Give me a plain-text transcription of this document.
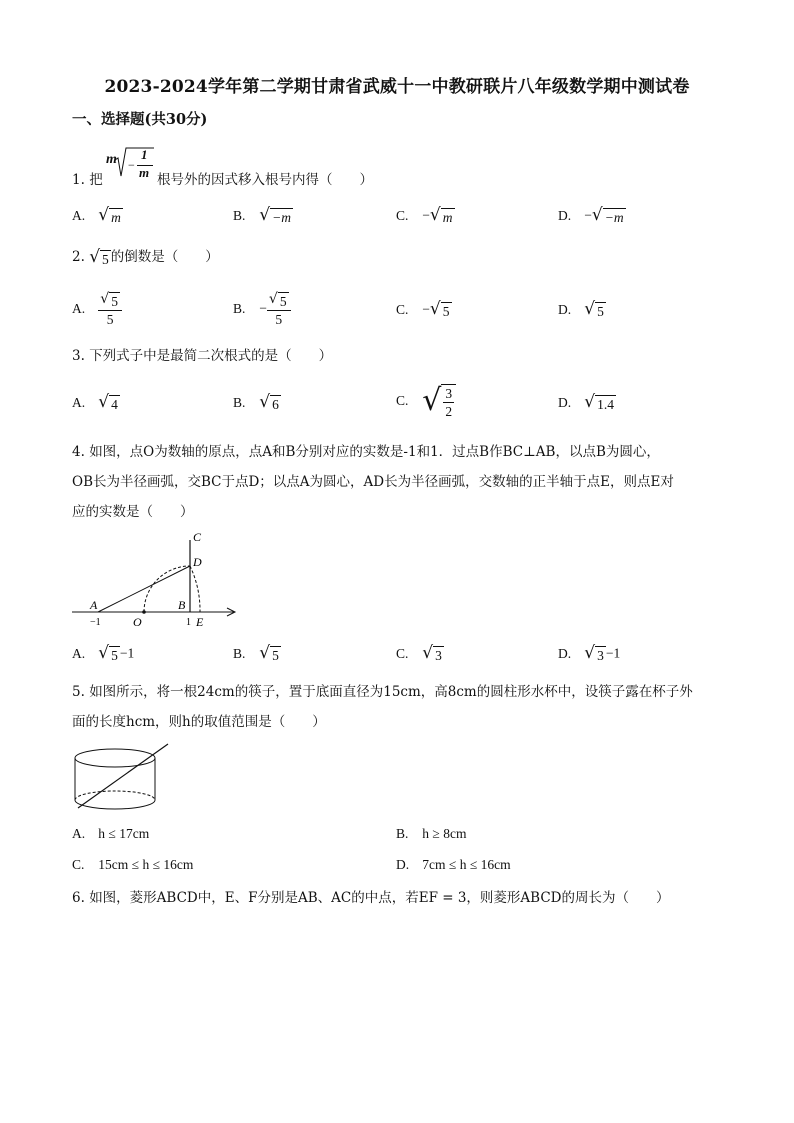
2023-2024学年第二学期甘肃省武威十一中教研联片八年级数学期中测试卷
一、选择题(共30分)
1. 把	根号外的因式移入根号内得（　　）
m −
1
m
A. √ m	B. √ −m	C. − √ m	D. − √ −m
2. √ 5 的倒数是（　　）
A. $\frac{√ 5}{5}$	B. − $\frac{√ 5}{5}$	C. − √ 5	D. √ 5
3. 下列式子中是最简二次根式的是（　　）
A. √ 4	B. √ 6	C. √ $\frac{3}{2}$	D. √ 1.4
4. 如图，点O为数轴的原点，点A和B分别对应的实数是-1和1．过点B作BC⊥AB，以点B为圆心，
OB长为半径画弧，交BC于点D；以点A为圆心，AD长为半径画弧，交数轴的正半轴于点E，则点E对
应的实数是（　　）
C
D
A	B
O	E
−1	1
A. √ 5 −1	B. √ 5	C. √ 3	D. √ 3 −1
5. 如图所示，将一根24cm的筷子，置于底面直径为15cm，高8cm的圆柱形水杯中，设筷子露在杯子外
面的长度hcm，则h的取值范围是（　　）
A. h ≤ 17cm	B. h ≥ 8cm
C. 15cm ≤ h ≤ 16cm	D. 7cm ≤ h ≤ 16cm
6. 如图，菱形ABCD中，E、F分别是AB、AC的中点，若EF = 3，则菱形ABCD的周长为（　　）
